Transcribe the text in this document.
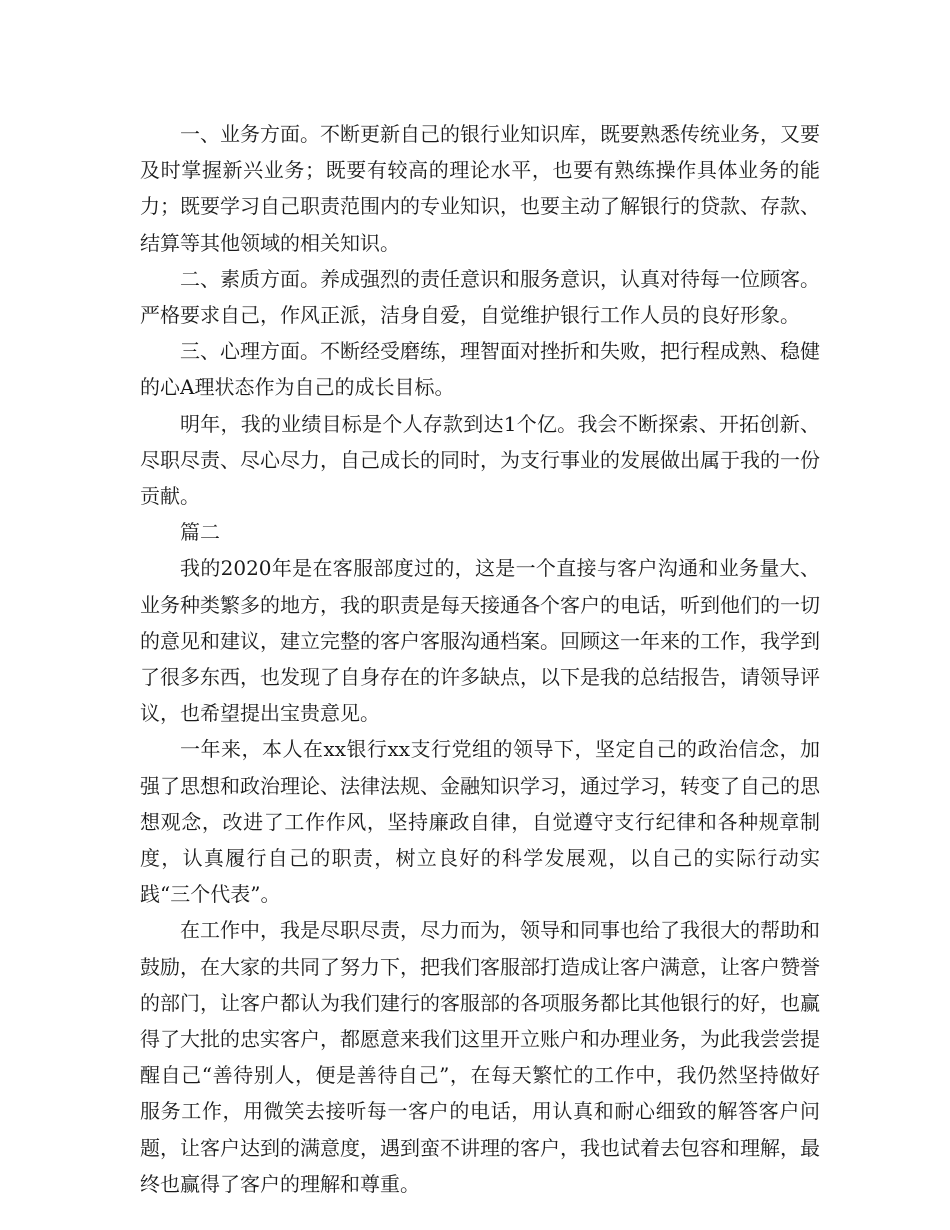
一、业务方面。不断更新自己的银行业知识库，既要熟悉传统业务，又要及时掌握新兴业务；既要有较高的理论水平，也要有熟练操作具体业务的能力；既要学习自己职责范围内的专业知识，也要主动了解银行的贷款、存款、结算等其他领域的相关知识。

二、素质方面。养成强烈的责任意识和服务意识，认真对待每一位顾客。严格要求自己，作风正派，洁身自爱，自觉维护银行工作人员的良好形象。

三、心理方面。不断经受磨练，理智面对挫折和失败，把行程成熟、稳健的心A理状态作为自己的成长目标。

明年，我的业绩目标是个人存款到达1个亿。我会不断探索、开拓创新、尽职尽责、尽心尽力，自己成长的同时，为支行事业的发展做出属于我的一份贡献。

篇二

我的2020年是在客服部度过的，这是一个直接与客户沟通和业务量大、业务种类繁多的地方，我的职责是每天接通各个客户的电话，听到他们的一切的意见和建议，建立完整的客户客服沟通档案。回顾这一年来的工作，我学到了很多东西，也发现了自身存在的许多缺点，以下是我的总结报告，请领导评议，也希望提出宝贵意见。

一年来，本人在xx银行xx支行党组的领导下，坚定自己的政治信念，加强了思想和政治理论、法律法规、金融知识学习，通过学习，转变了自己的思想观念，改进了工作作风，坚持廉政自律，自觉遵守支行纪律和各种规章制度，认真履行自己的职责，树立良好的科学发展观，以自己的实际行动实践“三个代表”。

在工作中，我是尽职尽责，尽力而为，领导和同事也给了我很大的帮助和鼓励，在大家的共同了努力下，把我们客服部打造成让客户满意，让客户赞誉的部门，让客户都认为我们建行的客服部的各项服务都比其他银行的好，也赢得了大批的忠实客户，都愿意来我们这里开立账户和办理业务，为此我尝尝提醒自己“善待别人，便是善待自己”，在每天繁忙的工作中，我仍然坚持做好服务工作，用微笑去接听每一客户的电话，用认真和耐心细致的解答客户问题，让客户达到的满意度，遇到蛮不讲理的客户，我也试着去包容和理解，最终也赢得了客户的理解和尊重。
